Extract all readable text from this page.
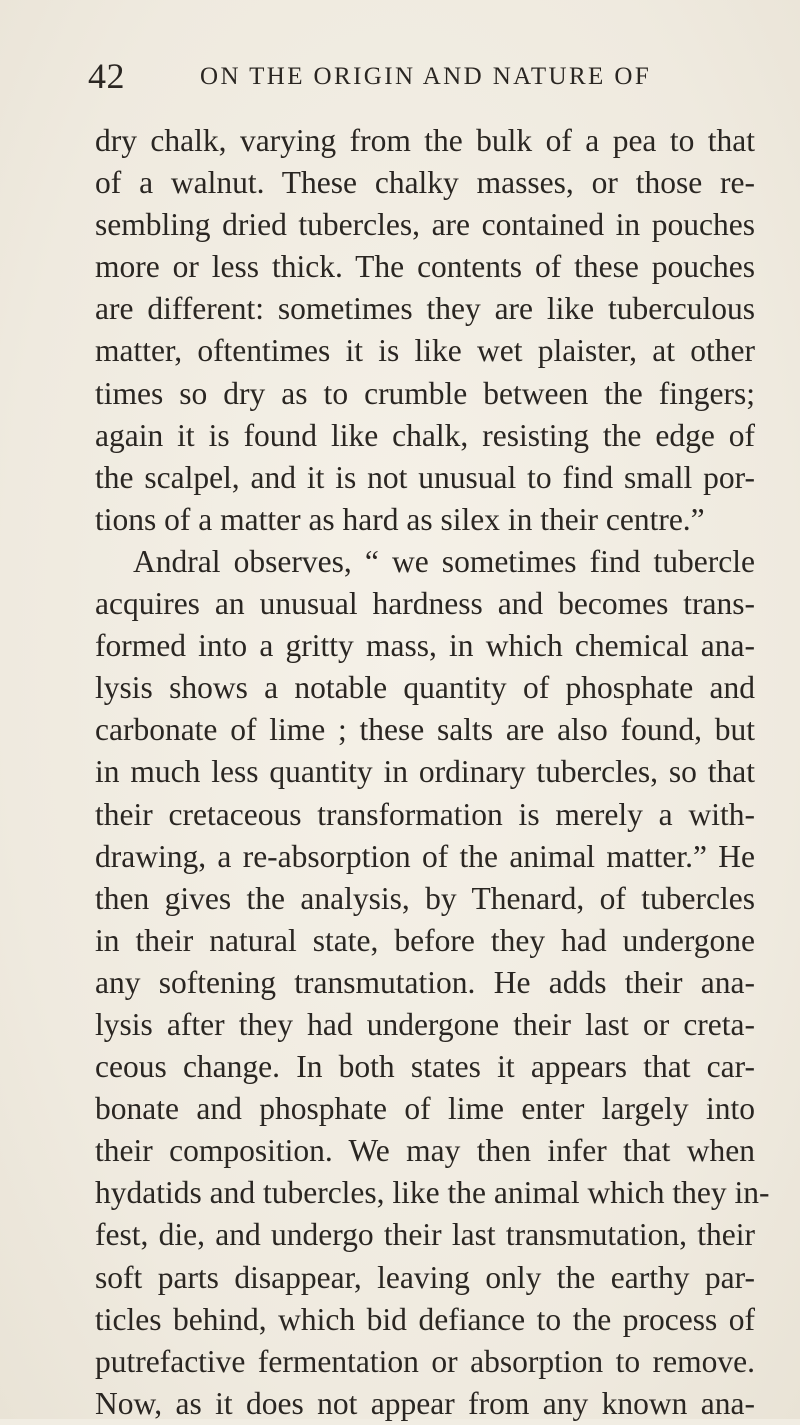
42	ON THE ORIGIN AND NATURE OF
dry chalk, varying from the bulk of a pea to that
of a walnut. These chalky masses, or those re-
sembling dried tubercles, are contained in pouches
more or less thick. The contents of these pouches
are different: sometimes they are like tuberculous
matter, oftentimes it is like wet plaister, at other
times so dry as to crumble between the fingers;
again it is found like chalk, resisting the edge of
the scalpel, and it is not unusual to find small por-
tions of a matter as hard as silex in their centre.”
Andral observes, “ we sometimes find tubercle
acquires an unusual hardness and becomes trans-
formed into a gritty mass, in which chemical ana-
lysis shows a notable quantity of phosphate and
carbonate of lime ; these salts are also found, but
in much less quantity in ordinary tubercles, so that
their cretaceous transformation is merely a with-
drawing, a re-absorption of the animal matter.” He
then gives the analysis, by Thenard, of tubercles
in their natural state, before they had undergone
any softening transmutation. He adds their ana-
lysis after they had undergone their last or creta-
ceous change. In both states it appears that car-
bonate and phosphate of lime enter largely into
their composition. We may then infer that when
hydatids and tubercles, like the animal which they in-
fest, die, and undergo their last transmutation, their
soft parts disappear, leaving only the earthy par-
ticles behind, which bid defiance to the process of
putrefactive fermentation or absorption to remove.
Now, as it does not appear from any known ana-
